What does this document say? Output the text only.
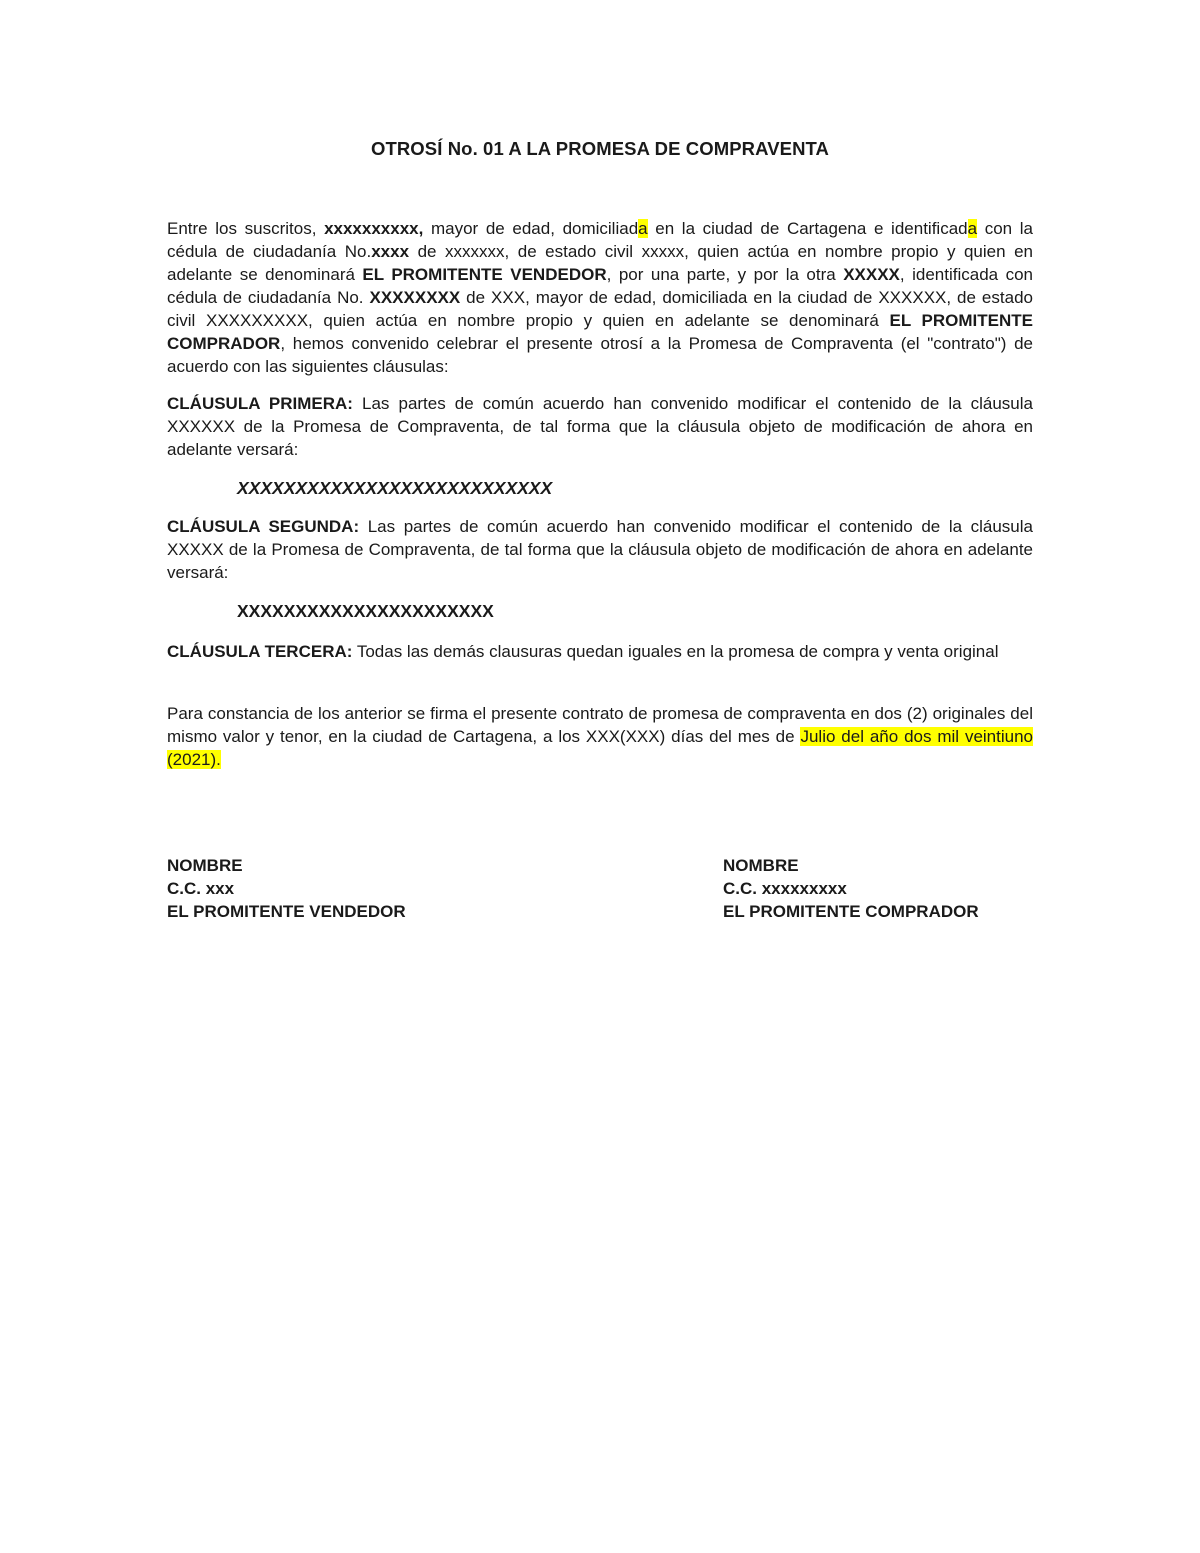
OTROSÍ No. 01 A LA PROMESA DE COMPRAVENTA

Entre los suscritos, xxxxxxxxxx, mayor de edad, domiciliada en la ciudad de Cartagena e identificada con la cédula de ciudadanía No.xxxx de xxxxxxx, de estado civil xxxxx, quien actúa en nombre propio y quien en adelante se denominará EL PROMITENTE VENDEDOR, por una parte, y por la otra XXXXX, identificada con cédula de ciudadanía No. XXXXXXXX de XXX, mayor de edad, domiciliada en la ciudad de XXXXXX, de estado civil XXXXXXXXX, quien actúa en nombre propio y quien en adelante se denominará EL PROMITENTE COMPRADOR, hemos convenido celebrar el presente otrosí a la Promesa de Compraventa (el "contrato") de acuerdo con las siguientes cláusulas:

CLÁUSULA PRIMERA: Las partes de común acuerdo han convenido modificar el contenido de la cláusula XXXXXX de la Promesa de Compraventa, de tal forma que la cláusula objeto de modificación de ahora en adelante versará:

XXXXXXXXXXXXXXXXXXXXXXXXXXX

CLÁUSULA SEGUNDA: Las partes de común acuerdo han convenido modificar el contenido de la cláusula XXXXX de la Promesa de Compraventa, de tal forma que la cláusula objeto de modificación de ahora en adelante versará:

XXXXXXXXXXXXXXXXXXXXXX

CLÁUSULA TERCERA: Todas las demás clausuras quedan iguales en la promesa de compra y venta original

Para constancia de los anterior se firma el presente contrato de promesa de compraventa en dos (2) originales del mismo valor y tenor, en la ciudad de Cartagena, a los XXX(XXX) días del mes de Julio del año dos mil veintiuno (2021).

NOMBRE
C.C. xxx
EL PROMITENTE VENDEDOR
NOMBRE
C.C. xxxxxxxxx
EL PROMITENTE COMPRADOR
